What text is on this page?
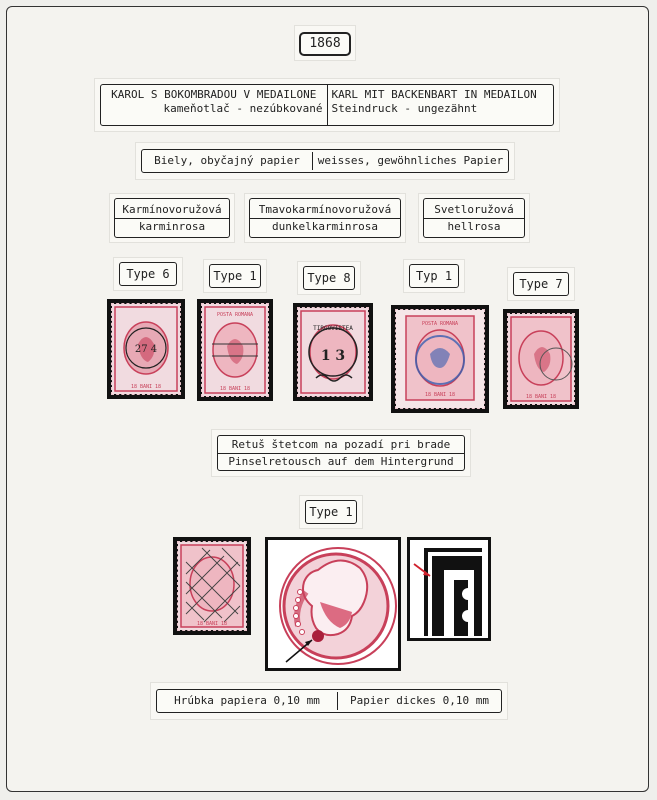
1868
KAROL S BOKOMBRADOU V MEDAILONE
kameňotlač - nezúbkované
KARL MIT BACKENBART IN MEDAILON
Steindruck - ungezähnt
Biely, obyčajný papier	weisses, gewöhnliches Papier
Karmínovoružová
karminrosa
Tmavokarmínovoružová
dunkelkarminrosa
Svetloružová
hellrosa
Type 6	Type 1	Type 8	Typ 1
Type 7
27 4
18 BANI 18
POSTA ROMANA
18 BANI 18
TIRGOVISTEA
1 3
POSTA ROMANA
18 BANI 18	18 BANI 18
Retuš štetcom na pozadí pri brade
Pinselretousch auf dem Hintergrund
Type 1
18 BANI 18
Hrúbka papiera 0,10 mm	Papier dickes 0,10 mm
